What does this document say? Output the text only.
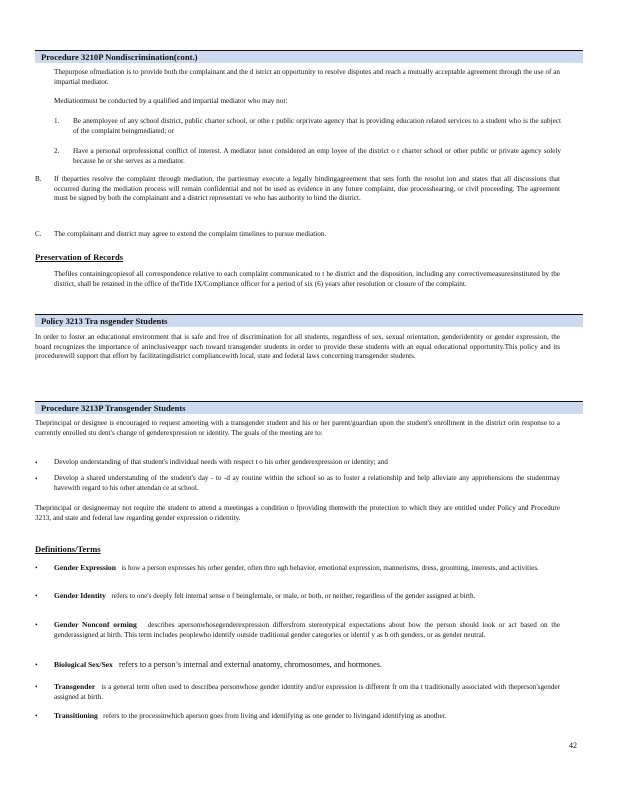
Procedure 3210P Nondiscrimination(cont.)
Thepurpose ofmediation is to provide both the complainant and the d istrict an opportunity to resolve disputes and reach a mutually acceptable agreement through the use of an impartial mediator.
Mediationmust be conducted by a qualified and impartial mediator who may not:
1. Be anemployee of any school district, public charter school, or othe r public orprivate agency that is providing education related services to a student who is the subject of the complaint beingmediated; or
2. Have a personal orprofessional conflict of interest. A mediator isnot considered an emp loyee of the district o r charter school or other public or private agency solely because he or she serves as a mediator.
B. If theparties resolve the complaint through mediation, the partiesmay execute a legally bindingagreement that sets forth the resolut ion and states that all discussions that occurred during the mediation process will remain confidential and not be used as evidence in any future complaint, due processhearing, or civil proceeding. The agreement must be signed by both the complainant and a district representati ve who has authority to bind the district.
C. The complainant and district may agree to extend the complaint timelines to pursue mediation.
Preservation of Records
Thefiles containingcopiesof all correspondence relative to each complaint communicated to t he district and the disposition, including any correctivemeasuresinstituted by the district, shall be retained in the office of theTitle IX/Compliance officer for a period of six (6) years after resolution or closure of the complaint.
Policy 3213 Tra nsgender Students
In order to foster an educational environment that is safe and free of discrimination for all students, regardless of sex, sexual orientation, genderidentity or gender expression, the board recognizes the importance of aninclusiveappr oach toward transgender students in order to provide these students with an equal educational opportunity.This policy and its procedurewill support that effort by facilitatingdistrict compliancewith local, state and federal laws concerning transgender students.
Procedure 3213P Transgender Students
Theprincipal or designee is encouraged to request ameeting with a transgender student and his or her parent/guardian upon the student's enrollment in the district orin response to a currently enrolled stu dent's change of genderexpression or identity. The goals of the meeting are to:
•	Develop understanding of that student's individual needs with respect t o his orher genderexpression or identity; and
•	Develop a shared understanding of the student's day - to -d ay routine within the school so as to foster a relationship and help alleviate any apprehensions the studentmay havewith regard to his orher attendan ce at school.
Theprincipal or designeemay not require the student to attend a meetingas a condition o fproviding themwith the protection to which they are entitled under Policy and Procedure 3213, and state and federal law regarding gender expression o ridentity.
Definitions/Terms
•	Gender Expression is how a person expresses his orher gender, often thro ugh behavior, emotional expression, mannerisms, dress, grooming, interests, and activities.
•	Gender Identity refers to one's deeply felt internal sense o f beingfemale, or male, or both, or neither, regardless of the gender assigned at birth.
•	Gender Nonconf orming describes apersonwhosegenderexpression differsfrom stereotypical expectations about how the person should look or act based on the genderassigned at birth. This term includes peoplewho identify outside traditional gender categories or identif y as b oth genders, or as gender neutral.
•	Biological Sex/Sex refers to a person’s internal and external anatomy, chromosomes, and hormones.
•	Transgender is a general term often used to describea personwhose gender identity and/or expression is different fr om tha t traditionally associated with theperson'sgender assigned at birth.
•	Transitioning refers to the processinwhich aperson goes from living and identifying as one gender to livingand identifying as another.
42
